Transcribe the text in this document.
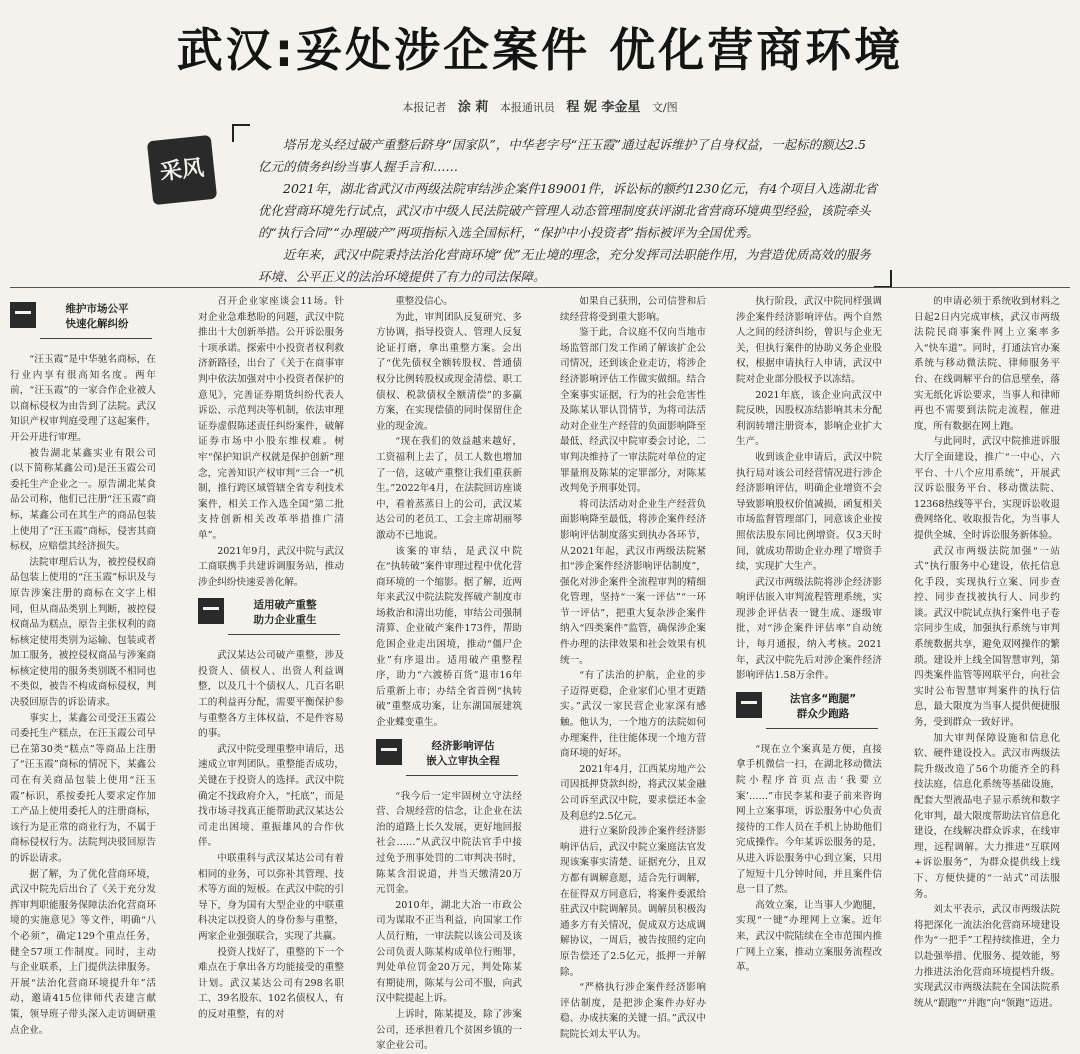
武汉:妥处涉企案件 优化营商环境
本报记者 涂 莉 本报通讯员 程 妮 李金星 文/图
采风

塔吊龙头经过破产重整后跻身“国家队”，中华老字号“汪玉霞”通过起诉维护了自身权益，一起标的额达2.5亿元的债务纠纷当事人握手言和……

2021年，湖北省武汉市两级法院审结涉企案件189001件，诉讼标的额约1230亿元，有4个项目入选湖北省优化营商环境先行试点，武汉市中级人民法院破产管理人动态管理制度获评湖北省营商环境典型经验，该院牵头的“执行合同”“办理破产”两项指标入选全国标杆，“保护中小投资者”指标被评为全国优秀。

近年来，武汉中院秉持法治化营商环境“优”无止境的理念，充分发挥司法职能作用，为营造优质高效的服务环境、公平正义的法治环境提供了有力的司法保障。

维护市场公平
快速化解纠纷

“汪玉霞”是中华驰名商标，在行业内享有很高知名度。两年前，“汪玉霞”的一家合作企业被人以商标侵权为由告到了法院。武汉知识产权审判庭受理了这起案件，开公开进行审理。

被告湖北某鑫实业有限公司(以下简称某鑫公司)是汪玉霞公司委托生产企业之一。原告湖北某食品公司称，他们已注册“汪玉霞”商标，某鑫公司在其生产的商品包装上使用了“汪玉霞”商标，侵害其商标权，应赔偿其经济损失。

法院审理后认为，被控侵权商品包装上使用的“汪玉霞”标识及与原告涉案注册的商标在文字上相同，但从商品类别上判断，被控侵权商品为糕点，原告主张权利的商标核定使用类别为运输、包装或者加工服务，被控侵权商品与涉案商标核定使用的服务类别既不相同也不类似，被告不构成商标侵权，判决驳回原告的诉讼请求。

事实上，某鑫公司受汪玉霞公司委托生产糕点，在汪玉霞公司早已在第30类“糕点”等商品上注册了“汪玉霞”商标的情况下，某鑫公司在有关商品包装上使用“汪玉霞”标识，系按委托人要求定作加工产品上使用委托人的注册商标，该行为是正常的商业行为，不属于商标侵权行为。法院判决驳回原告的诉讼请求。

据了解，为了优化营商环境，武汉中院先后出台了《关于充分发挥审判职能服务保障法治化营商环境的实施意见》等文件，明确“八个必须”，确定129个重点任务，健全57项工作制度。同时，主动与企业联系，上门提供法律服务。开展“法治化营商环境提升年”活动，邀请415位律师代表建言献策，领导班子带头深入走访调研重点企业。

召开企业家座谈会11场。针对企业急难愁盼的问题，武汉中院推出十大创新举措。公开诉讼服务十项承诺。探索中小投资者权利救济新路径，出台了《关于在商事审判中依法加强对中小投资者保护的意见》，完善证券期货纠纷代表人诉讼、示范判决等机制，依法审理证券虚假陈述责任纠纷案件，破解证券市场中小股东维权难。树牢“保护知识产权就是保护创新”理念，完善知识产权审判“三合一”机制，推行跨区域管辖全省专利技术案件，相关工作入选全国“第二批支持创新相关改革举措推广清单”。

2021年9月，武汉中院与武汉工商联携手共建诉调服务站，推动涉企纠纷快速妥善化解。

适用破产重整
助力企业重生

武汉某达公司破产重整，涉及投资人、债权人、出资人利益调整，以及几十个债权人、几百名职工的利益再分配，需要平衡保护参与重整各方主体权益，不是件容易的事。

武汉中院受理重整申请后，迅速成立审判团队。重整能否成功，关键在于投资人的选择。武汉中院确定不找政府介入，“托底”，而是找市场寻找真正能帮助武汉某达公司走出困境、重振雄风的合作伙伴。

中联重科与武汉某达公司有着相同的业务，可以弥补其管理、技术等方面的短板。在武汉中院的引导下，身为国有大型企业的中联重科决定以投资人的身份参与重整，两家企业强强联合，实现了共赢。

投资人找好了，重整的下一个难点在于拿出各方均能接受的重整计划。武汉某达公司有298名职工、39名股东、102名债权人，有的反对重整，有的对

重整没信心。

为此，审判团队反复研究、多方协调，指导投资人、管理人反复论证打磨，拿出重整方案。会出了“优先债权全额转股权、普通债权分比例转股权或现金清偿、职工债权、税款债权全额清偿”的多赢方案，在实现偿债的同时保留住企业的现金流。

“现在我们的效益越来越好，工资福利上去了，员工人数也增加了一倍，这破产重整让我们重获新生。”2022年4月，在法院回访座谈中，看着蒸蒸日上的公司，武汉某达公司的老员工、工会主席胡丽琴激动不已地说。

该案的审结，是武汉中院在“执转破”案件审理过程中优化营商环境的一个缩影。据了解，近两年来武汉中院法院发挥破产制度市场救治和清出功能，审结公司强制清算、企业破产案件173件，帮助危困企业走出困境，推动“僵尸企业”有序退出。适用破产重整程序，助力“六渡桥百货”退市16年后重新上市；办结全省首例“执转破”重整成功案，让东湖国展建筑企业蝶变重生。

经济影响评估
嵌入立审执全程

“我今后一定牢固树立守法经营、合规经营的信念，让企业在法治的道路上长久发展，更好地回报社会……”从武汉中院法官手中接过免予刑事处罚的二审判决书时，陈某含泪说道，并当天缴清20万元罚金。

2010年，湖北大冶一市政公司为谋取不正当利益，向国家工作人员行贿，一审法院以该公司及该公司负责人陈某构成单位行贿罪，判处单位罚金20万元，判处陈某有期徒刑，陈某与公司不服，向武汉中院提起上诉。

上诉时，陈某提及，除了涉案公司，还承担着几个贫困乡镇的一家企业公司。

如果自己获刑，公司信誉和后续经营将受到重大影响。

鉴于此，合议庭不仅向当地市场监管部门发工作函了解该扩企公司情况，还到该企业走访，将涉企经济影响评估工作做实做细。结合全案事实证据，行为的社会危害性及陈某认罪认罚情节，为将司法活动对企业生产经营的负面影响降至最低，经武汉中院审委会讨论，二审判决维持了一审法院对单位的定罪量刑及陈某的定罪部分，对陈某改判免予刑事处罚。

将司法活动对企业生产经营负面影响降至最低，将涉企案件经济影响评估制度落实到执办各环节，从2021年起，武汉市两级法院紧扣“涉企案件经济影响评估制度”，强化对涉企案件全流程审判的精细化管理，坚持“一案一评估”“一环节一评估”，把重大复杂涉企案件纳入“四类案件”监管，确保涉企案件办理的法律效果和社会效果有机统一。

“有了法治的护航，企业的步子迈得更稳，企业家们心里才更踏实。”武汉一家民营企业家深有感触。他认为，一个地方的法院如何办理案件，往往能体现一个地方营商环境的好坏。

2021年4月，江西某房地产公司因抵押贷款纠纷，将武汉某金融公司诉至武汉中院，要求偿还本金及利息约2.5亿元。

进行立案阶段涉企案件经济影响评估后，武汉中院立案庭法官发现该案事实清楚、证据充分，且双方都有调解意愿，适合先行调解，在征得双方同意后，将案件委派给驻武汉中院调解员。调解员积极沟通多方有关情况，促成双方达成调解协议，一周后，被告按照约定向原告偿还了2.5亿元，抵押一并解除。

“严格执行涉企案件经济影响评估制度，是把涉企案件办好办稳、办成扶案的关键一招。”武汉中院院长刘太平认为。

执行阶段，武汉中院同样强调涉企案件经济影响评估。两个自然人之间的经济纠纷，曾识与企业无关，但执行案件的协助义务企业股权，根据申请执行人申请，武汉中院对企业部分股权予以冻结。

2021年底，该企业向武汉中院反映，因股权冻结影响其未分配利润转增注册资本，影响企业扩大生产。

收到该企业申请后，武汉中院执行局对该公司经营情况进行涉企经济影响评估，明确企业增资不会导致影响股权价值减损，函复相关市场监督管理部门，同意该企业按照依法股东同比例增资。仅3天时间，就成功帮助企业办理了增资手续，实现扩大生产。

武汉市两级法院将涉企经济影响评估嵌入审判流程管理系统，实现涉企评估表一键生成、逐级审批，对“涉企案件评估率”自动统计，每月通报，纳入考核。2021年，武汉中院先后对涉企案件经济影响评估1.58万余件。

法官多“跑腿”
群众少跑路

“现在立个案真是方便，直接拿手机微信一扫，在湖北移动微法院小程序首页点击‘我要立案’……”市民李某和妻子前来咨询网上立案事项，诉讼服务中心负责接待的工作人员在手机上协助他们完成操作。今年某诉讼服务的是，从进入诉讼服务中心到立案，只用了短短十几分钟时间，并且案件信息一目了然。

高效立案，让当事人少跑腿，实现“一键”办理网上立案。近年来，武汉中院陆续在全市范围内推广网上立案，推动立案服务流程改革。

的申请必须于系统收到材料之日起2日内完成审核，武汉市两级法院民商事案件网上立案率多入“快车道”。同时，打通法官办案系统与移动微法院、律师服务平台、在线调解平台的信息壁垒，落实无纸化诉讼要求，当事人和律师再也不需要到法院走流程，催进度，所有数据在网上跑。

与此同时，武汉中院推进诉服大厅全面建设，推广“一中心、六平台、十八个应用系统”，开展武汉诉讼服务平台、移动微法院、12368热线等平台，实现诉讼收退费网络化、收取报告化，为当事人提供全城、全时诉讼服务新体验。

武汉市两级法院加强“一站式”执行服务中心建设，依托信息化手段，实现执行立案、同步查控、同步查找被执行人、同步约谈。武汉中院试点执行案件电子卷宗同步生成，加强执行系统与审判系统数据共享，避免双网操作的繁琐。建设并上线全国智慧审判，第四类案件监管等网联平台，向社会实时公布智慧审判案件的执行信息，最大限度为当事人提供便捷服务，受到群众一致好评。

加大审判保障设施和信息化软、硬件建设投入。武汉市两级法院升级改造了56个功能齐全的科技法庭，信息化系统等基础设施，配套大型液晶电子显示系统和数字化审判，最大限度帮助法官信息化建设，在线解决群众诉求，在线审理，远程调解。大力推进“互联网+诉讼服务”，为群众提供线上线下、方便快捷的“一站式”司法服务。

刘太平表示，武汉市两级法院将把深化一流法治化营商环境建设作为“一把手”工程持续推进，全力以赴强举措、优服务、提效能，努力推进法治化营商环境提档升级。实现武汉市两级法院在全国法院系统从“跟跑”“并跑”向“领跑”迈进。
